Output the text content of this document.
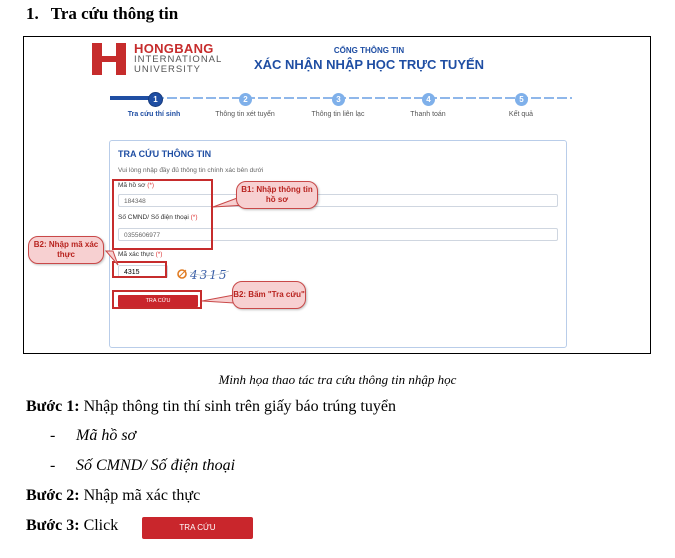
1. Tra cứu thông tin
HONGBANG
INTERNATIONAL
UNIVERSITY
CỔNG THÔNG TIN
XÁC NHẬN NHẬP HỌC TRỰC TUYẾN
1	2	3	4	5
Tra cứu thí sinh	Thông tin xét tuyển	Thông tin liên lạc	Thanh toán	Kết quả
TRA CỨU THÔNG TIN
Vui lòng nhập đầy đủ thông tin chính xác bên dưới
Mã hồ sơ (*)
184348
Số CMND/ Số điện thoại (*)
0355606977
Mã xác thực (*)
4315	4315
TRA CỨU
B1: Nhập thông tin hồ sơ
B2: Nhập mã xác thực
B2: Bấm "Tra cứu"
Minh họa thao tác tra cứu thông tin nhập học
Bước 1: Nhập thông tin thí sinh trên giấy báo trúng tuyển
- Mã hồ sơ
- Số CMND/ Số điện thoại
Bước 2: Nhập mã xác thực
Bước 3: Click	TRA CỨU
